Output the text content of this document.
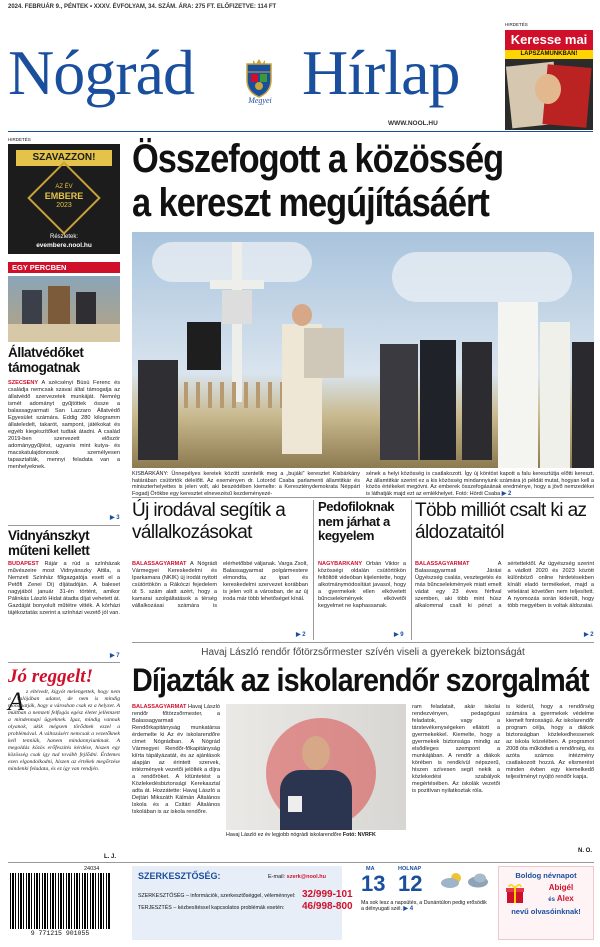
2024. FEBRUÁR 9., PÉNTEK • XXXV. ÉVFOLYAM, 34. SZÁM. ÁRA: 275 FT. ELŐFIZETVE: 114 FT
Nógrád	Megyei Hírlap
WWW.NOOL.HU
HIRDETÉS
Keresse mai
LAPSZÁMUNKBAN!
HIRDETÉS
SZAVAZZON!
AZ ÉV
EMBERE
2023
Részletek:
evembere.nool.hu
Összefogott a közösség
a kereszt megújításáért
KISBÁRKÁNY: Ünnepélyes keretek között szentelik meg a „bujáki” keresztet Kisbárkány határában csütörtök délelőtt. Az eseményen dr. Lotoród Csaba parlamenti államtitkár és miniszterhelyettes is jelen volt, aki beszédében kiemelte: a Kereszténydemokrata Néppárt Fogadj Örökbe egy keresztet elnevezésű kezdeményezé-
sének a helyi közösség is csatlakozott. Így új köntöst kapott a falu keresztútja előtti kereszt. Az államtitkár szerint ez a kis közösség mindannyiunk számára jó példát mutat, hogyan kell a közös értékeket megóvni. Az emberek összefogásának eredménye, hogy a jövő nemzedékei is láthatják majd ezt az emlékhelyet. Fotó: Hórdi Csaba ▶ 2
EGY PERCBEN
Állatvédőket támogatnak
SZÉCSÉNY A szécsényi Büsü Ferenc és családja nemcsak szavai által támogatja az állatvédő szervezetek munkáját. Nemrég ismét adományt gyűjtöttek össze a balassagyarmati San Lazzaro Állatvédő Egyesület számára. Eddig 280 kilogramm állateledelt, takarót, sampont, játékokat és egyéb kiegészítőket tudtak átadni. A család 2019-ben szervezett először adománygyűjtést, ugyanis mint kutya- és macskatulajdonosok személyesen tapasztalták, mennyi feladata van a menhelyeknek.
▶ 3
Vidnyánszkyt műteni kellett
BUDAPEST Rájár a rúd a színházak művészeire most Vidnyánszky Attila, a Nemzeti Színház főigazgatója esett el a Petőfi Zenei Díj díjátadóján. A baleset nagyjából január 31-én történt, amikor Pálinkás László Hidat átadta díjat vehetett át. Gazdáját bonyolult műtétre vitték. A kórházi tájékoztatás szerint a színházi vezető jól van.
▶ 7
Jó reggelt!
A z eltévedt, kígyót melengettek, hogy nem a valójában adatot, de nem is mindig mondhatják, hogy a városban csak ez a helyzet. A múltban a nemzeti felfogás egész életet jellemzett a mindennapi ügyeknek. Igaz, mindig vannak olyanok, akik mégsem törődnek ezzel a problémával. A változásért nemcsak a vezetőknek kell tenniük, hanem mindannyiunknak. A megoldás közös erőfeszítés kérdése, hiszen egy közösség csak így tud tovább fejlődni. Érdemes ezen elgondolkodni, hiszen az értékek megőrzése mindenki feladata, és ez így van rendjén.
L. J.
Új irodával segítik a vállalkozásokat
BALASSAGYARMAT A Nógrádi Vármegyei Kereskedelmi és Iparkamara (NKIK) új irodát nyitott csütörtökön a Rákóczi fejedelem út 5. szám alatt azért, hogy a kamarai szolgáltatások a térség vállalkozásai számára is elérhetőbbé váljanak. Varga Zsolt, Balassagyarmat polgármestere elmondta, az ipari és kereskedelmi szervezet korábban is jelen volt a városban, de az új iroda már több lehetőséget kínál.
▶ 2
Pedofiloknak nem járhat a kegyelem
NAGYBÁRKÁNY Orbán Viktor a közösségi oldalán csütörtökön feltöltött videóban kijelentette, hogy alkotmánymódosítást javasol, hogy a gyermekek ellen elkövetett bűncselekmények elkövetői kegyelmet ne kaphassanak.
▶ 9
Több milliót csalt ki az áldozataitól
BALASSAGYARMAT	A Balassagyarmati Járási Ügyészség csalás, vesztegetés és más bűncselekmények miatt emelt vádat egy 23 éves férfival szemben, aki több mint húsz alkalommal csalt ki pénzt a sértettektől. Az ügyészség szerint a vádlott 2020 és 2023 között különböző online hirdetésekben kínált eladó termékeket, majd a vételárat követően nem teljesített. A nyomozás során kiderült, hogy több megyében is voltak áldozatai.
▶ 2
Havaj László rendőr főtörzsőrmester szívén viseli a gyerekek biztonságát
Díjazták az iskolarendőr szorgalmát
BALASSAGYARMAT Havaj László rendőr főtörzsőrmester, a Balassagyarmati Rendőrkapitányság munkatársa érdemelte ki Az év iskolarendőre címet Nógrádban. A Nógrád Vármegyei Rendőr-főkapitányság kiírta tápályázatát, és az ajánlások alapján az érintett szervek, intézmények vezetői jelölték a díjra a rendőröket. A kitüntetést a Közlekedésbiztonsági Kerekasztal adta át. Hozzátette: Havaj László a Dejtári Mikszáth Kálmán Általános Iskola és a Csitári Általános Iskolában is az iskola rendőre.
Havaj László ez év legjobb nógrádi iskolarendőre Fotó: NVRFK
ram feladatait, akár iskolai rendezvényen, pedagógusi feladatok, vagy a társtevékenységeken ellátott a gyermekekkel. Kiemelte, hogy a gyermekek biztonsága mindig az elsődleges szempont a munkájában. A rendőr a diákok körében is rendkívül népszerű, hiszen szívesen segít nekik a közlekedési szabályok megértésében. Az iskolák vezetői is pozitívan nyilatkoztak róla.
is kiderül, hogy a rendőrség számára a gyermekek védelme kiemelt fontosságú. Az iskolarendőr program célja, hogy a diákok biztonságban közlekedhessenek az iskola közelében. A programot 2008 óta működteti a rendőrség, és azóta számos intézmény csatlakozott hozzá. Az elismerést minden évben egy kiemelkedő teljesítményt nyújtó rendőr kapja.
N. O.
24034
9 771215 901055
SZERKESZTŐSÉG:	E-mail: szerk@nool.hu
SZERKESZTŐSÉG – információk, szerkesztőséggel, véleménnyel:
TERJESZTÉS – kézbesítéssel kapcsolatos problémák esetén:
32/999-101
46/998-800
MA
13
HOLNAP
12
Ma sok lesz a napsütés, a Dunántúlon pedig erősödik a délnyugati szél. ▶ 4
Boldog névnapot
Abigél
és Alex
nevű olvasóinknak!
